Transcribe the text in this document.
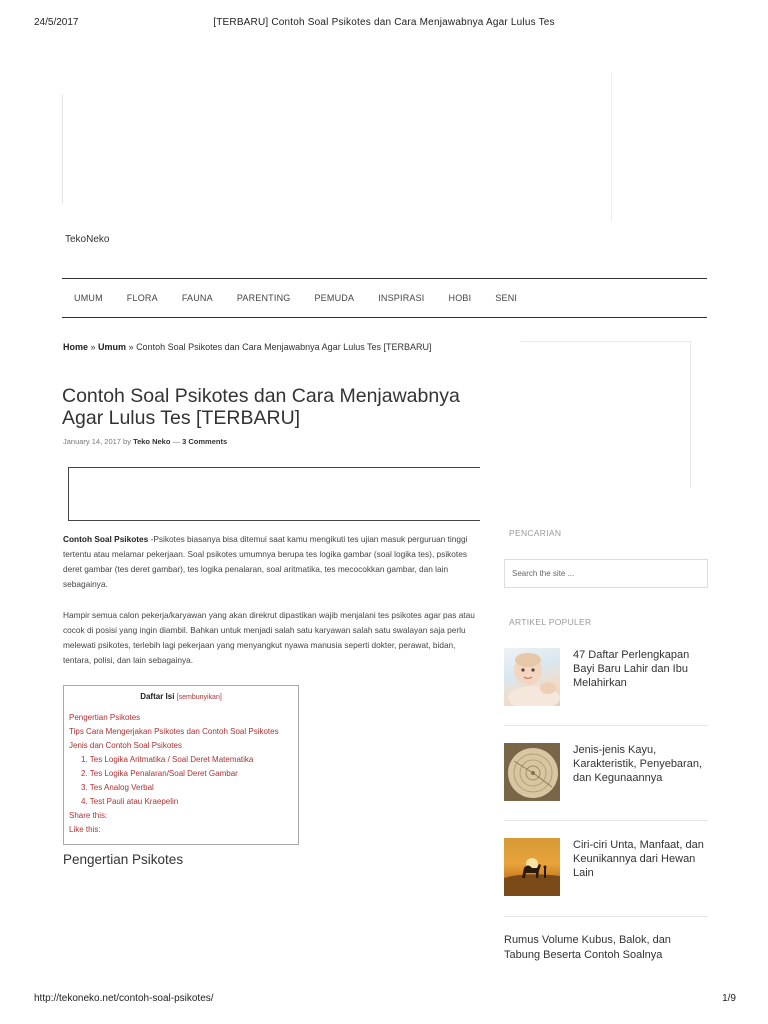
24/5/2017	[TERBARU] Contoh Soal Psikotes dan Cara Menjawabnya Agar Lulus Tes
TekoNeko
UMUM	FLORA	FAUNA	PARENTING	PEMUDA	INSPIRASI	HOBI	SENI
Home » Umum » Contoh Soal Psikotes dan Cara Menjawabnya Agar Lulus Tes [TERBARU]
Contoh Soal Psikotes dan Cara Menjawabnya Agar Lulus Tes [TERBARU]
January 14, 2017 by Teko Neko — 3 Comments

Contoh Soal Psikotes -Psikotes biasanya bisa ditemui saat kamu mengikuti tes ujian masuk perguruan tinggi tertentu atau melamar pekerjaan. Soal psikotes umumnya berupa tes logika gambar (soal logika tes), psikotes deret gambar (tes deret gambar), tes logika penalaran, soal aritmatika, tes mecocokkan gambar, dan lain sebagainya.

Hampir semua calon pekerja/karyawan yang akan direkrut dipastikan wajib menjalani tes psikotes agar pas atau cocok di posisi yang ingin diambil. Bahkan untuk menjadi salah satu karyawan salah satu swalayan saja perlu melewati psikotes, terlebih lagi pekerjaan yang menyangkut nyawa manusia seperti dokter, perawat, bidan, tentara, polisi, dan lain sebagainya.

Daftar Isi [sembunyikan]
Pengertian Psikotes
Tips Cara Mengerjakan Psikotes dan Contoh Soal Psikotes
Jenis dan Contoh Soal Psikotes
1. Tes Logika Aritmatika / Soal Deret Matematika
2. Tes Logika Penalaran/Soal Deret Gambar
3. Tes Analog Verbal
4. Test Pauli atau Kraepelin
Share this:
Like this:
Pengertian Psikotes
PENCARIAN
Search the site ...
ARTIKEL POPULER
47 Daftar Perlengkapan Bayi Baru Lahir dan Ibu Melahirkan
Jenis-jenis Kayu, Karakteristik, Penyebaran, dan Kegunaannya
Ciri-ciri Unta, Manfaat, dan Keunikannya dari Hewan Lain
Rumus Volume Kubus, Balok, dan Tabung Beserta Contoh Soalnya
http://tekoneko.net/contoh-soal-psikotes/	1/9
